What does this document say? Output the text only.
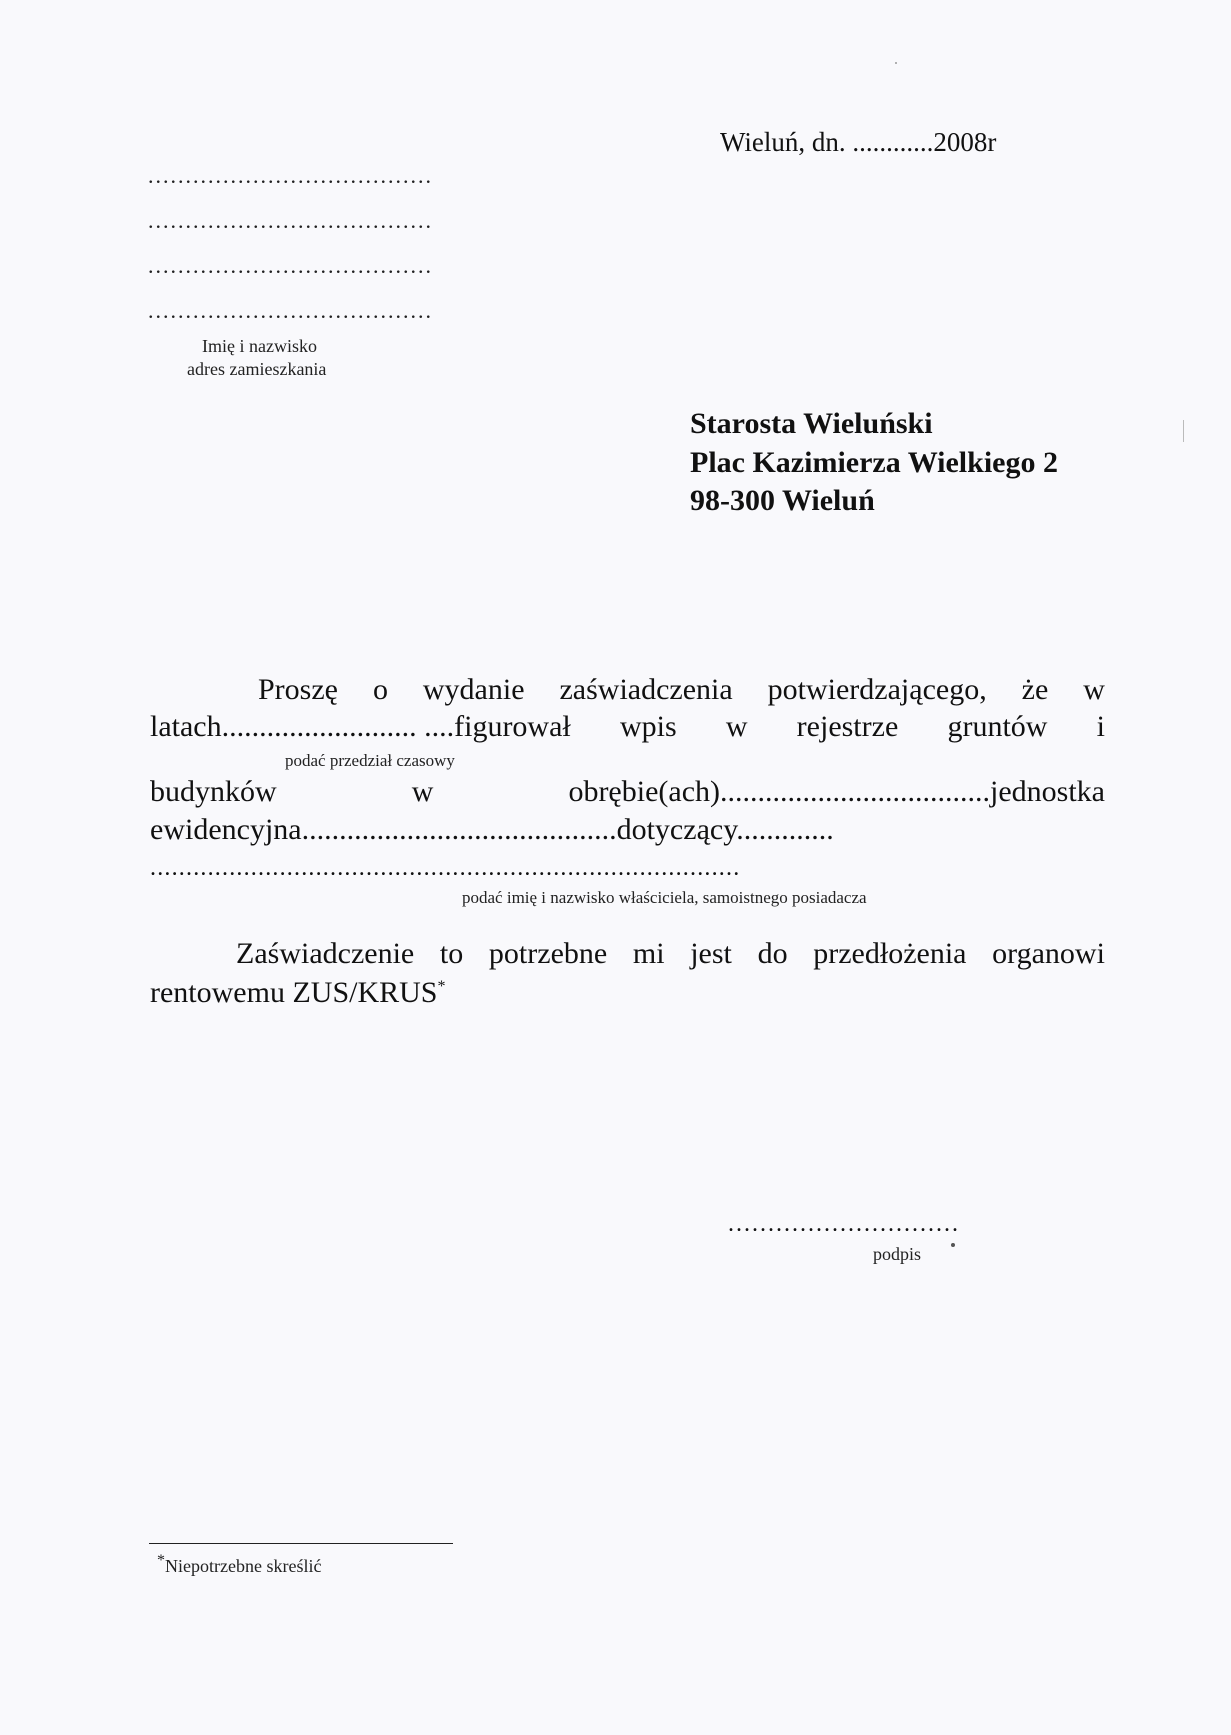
Wieluń, dn. ............2008r
......................................
......................................
......................................
......................................
Imię i nazwisko
adres zamieszkania
Starosta Wieluński
Plac Kazimierza Wielkiego 2
98-300 Wieluń
Proszę o wydanie zaświadczenia potwierdzającego, że w
latach.......................... ....figurował wpis w rejestrze gruntów i
podać przedział czasowy
budynków	w	obrębie(ach)....................................jednostka
ewidencyjna..........................................dotyczący.............
..................................................................................
podać imię i nazwisko właściciela, samoistnego posiadacza
Zaświadczenie to potrzebne mi jest do przedłożenia organowi
rentowemu ZUS/KRUS*
.............................
podpis
*Niepotrzebne skreślić
